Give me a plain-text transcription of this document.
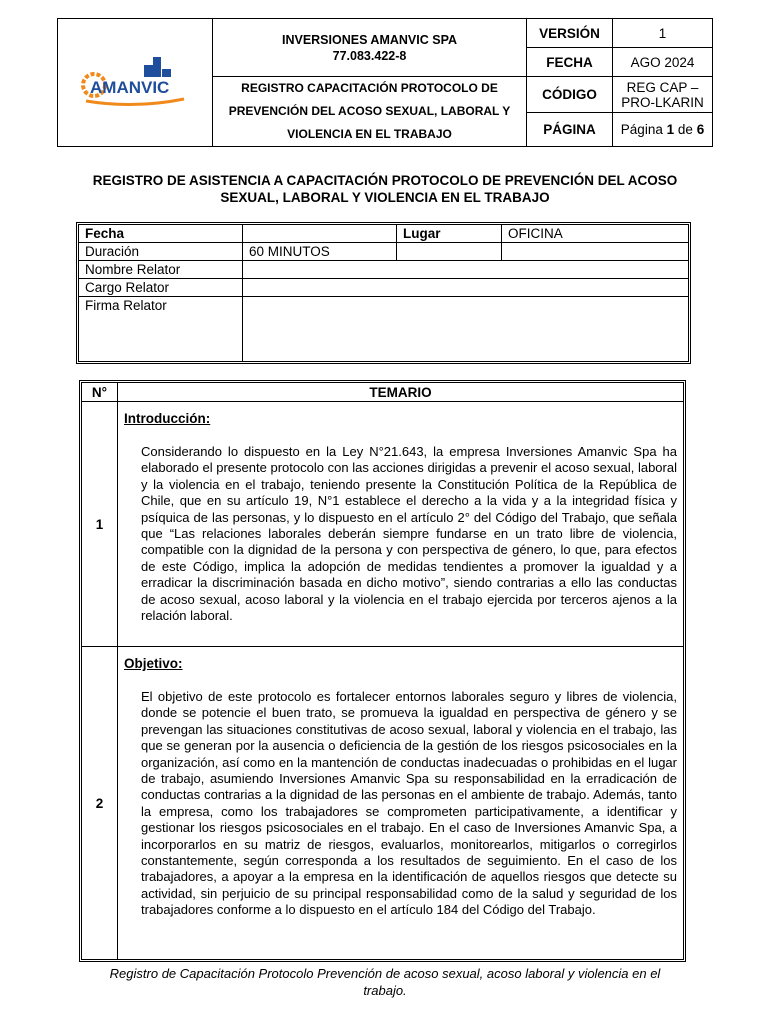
AMANVIC	INVERSIONES AMANVIC SPA
77.083.422-8	VERSIÓN	1
		FECHA	AGO 2024
	REGISTRO CAPACITACIÓN PROTOCOLO DE PREVENCIÓN DEL ACOSO SEXUAL, LABORAL Y VIOLENCIA EN EL TRABAJO	CÓDIGO	REG CAP – PRO-LKARIN
		PÁGINA	Página 1 de 6
REGISTRO DE ASISTENCIA A CAPACITACIÓN PROTOCOLO DE PREVENCIÓN DEL ACOSO SEXUAL, LABORAL Y VIOLENCIA EN EL TRABAJO
Fecha		Lugar	OFICINA
Duración	60 MINUTOS		
Nombre Relator			
Cargo Relator			
Firma Relator			
N°	TEMARIO
1	Introducción:
Considerando lo dispuesto en la Ley N°21.643, la empresa Inversiones Amanvic Spa ha elaborado el presente protocolo con las acciones dirigidas a prevenir el acoso sexual, laboral y la violencia en el trabajo, teniendo presente la Constitución Política de la República de Chile, que en su artículo 19, N°1 establece el derecho a la vida y a la integridad física y psíquica de las personas, y lo dispuesto en el artículo 2° del Código del Trabajo, que señala que “Las relaciones laborales deberán siempre fundarse en un trato libre de violencia, compatible con la dignidad de la persona y con perspectiva de género, lo que, para efectos de este Código, implica la adopción de medidas tendientes a promover la igualdad y a erradicar la discriminación basada en dicho motivo”, siendo contrarias a ello las conductas de acoso sexual, acoso laboral y la violencia en el trabajo ejercida por terceros ajenos a la relación laboral.

2	Objetivo:
El objetivo de este protocolo es fortalecer entornos laborales seguro y libres de violencia, donde se potencie el buen trato, se promueva la igualdad en perspectiva de género y se prevengan las situaciones constitutivas de acoso sexual, laboral y violencia en el trabajo, las que se generan por la ausencia o deficiencia de la gestión de los riesgos psicosociales en la organización, así como en la mantención de conductas inadecuadas o prohibidas en el lugar de trabajo, asumiendo Inversiones Amanvic Spa su responsabilidad en la erradicación de conductas contrarias a la dignidad de las personas en el ambiente de trabajo. Además, tanto la empresa, como los trabajadores se comprometen participativamente, a identificar y gestionar los riesgos psicosociales en el trabajo. En el caso de Inversiones Amanvic Spa, a incorporarlos en su matriz de riesgos, evaluarlos, monitorearlos, mitigarlos o corregirlos constantemente, según corresponda a los resultados de seguimiento. En el caso de los trabajadores, a apoyar a la empresa en la identificación de aquellos riesgos que detecte su actividad, sin perjuicio de su principal responsabilidad como de la salud y seguridad de los trabajadores conforme a lo dispuesto en el artículo 184 del Código del Trabajo.
Registro de Capacitación Protocolo Prevención de acoso sexual, acoso laboral y violencia en el trabajo.
